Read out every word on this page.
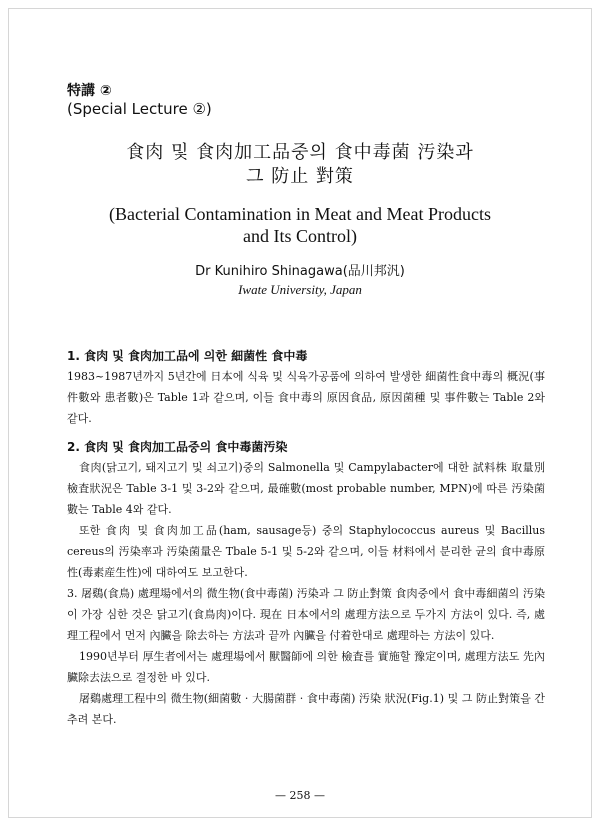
特講 ②
(Special Lecture ②)
食肉 및 食肉加工品중의 食中毒菌 汚染과
그 防止 對策
(Bacterial Contamination in Meat and Meat Products
and Its Control)
Dr Kunihiro Shinagawa(品川邦汎)
Iwate University, Japan
1. 食肉 및 食肉加工品에 의한 細菌性 食中毒

1983~1987년까지 5년간에 日本에 식육 및 식육가공품에 의하여 발생한 細菌性食中毒의 概況(事件數와 患者數)은 Table 1과 같으며, 이들 食中毒의 原因食品, 原因菌種 및 事件數는 Table 2와 같다.

2. 食肉 및 食肉加工品중의 食中毒菌汚染

食肉(닭고기, 돼지고기 및 쇠고기)중의 Salmonella 및 Campylabacter에 대한 試料株 取量別 檢査狀況은 Table 3-1 및 3-2와 같으며, 最確數(most probable number, MPN)에 따른 汚染菌數는 Table 4와 같다.

또한 食肉 및 食肉加工品(ham, sausage등) 중의 Staphylococcus aureus 및 Bacillus cereus의 汚染率과 汚染菌量은 Tbale 5-1 및 5-2와 같으며, 이들 材料에서 분리한 균의 食中毒原性(毒素産生性)에 대하여도 보고한다.

3. 屠鷄(食鳥) 處理場에서의 微生物(食中毒菌) 汚染과 그 防止對策 食肉중에서 食中毒細菌의 汚染이 가장 심한 것은 닭고기(食鳥肉)이다. 現在 日本에서의 處理方法으로 두가지 方法이 있다. 즉, 處理工程에서 먼저 內臟을 除去하는 方法과 끝까 內臟을 付着한대로 處理하는 方法이 있다.

1990년부터 厚生者에서는 處理場에서 獸醫師에 의한 檢査를 實施할 豫定이며, 處理方法도 先內臟除去法으로 결정한 바 있다.

屠鷄處理工程中의 微生物(細菌數 · 大腸菌群 · 食中毒菌) 汚染 狀況(Fig.1) 및 그 防止對策을 간추려 본다.

— 258 —
